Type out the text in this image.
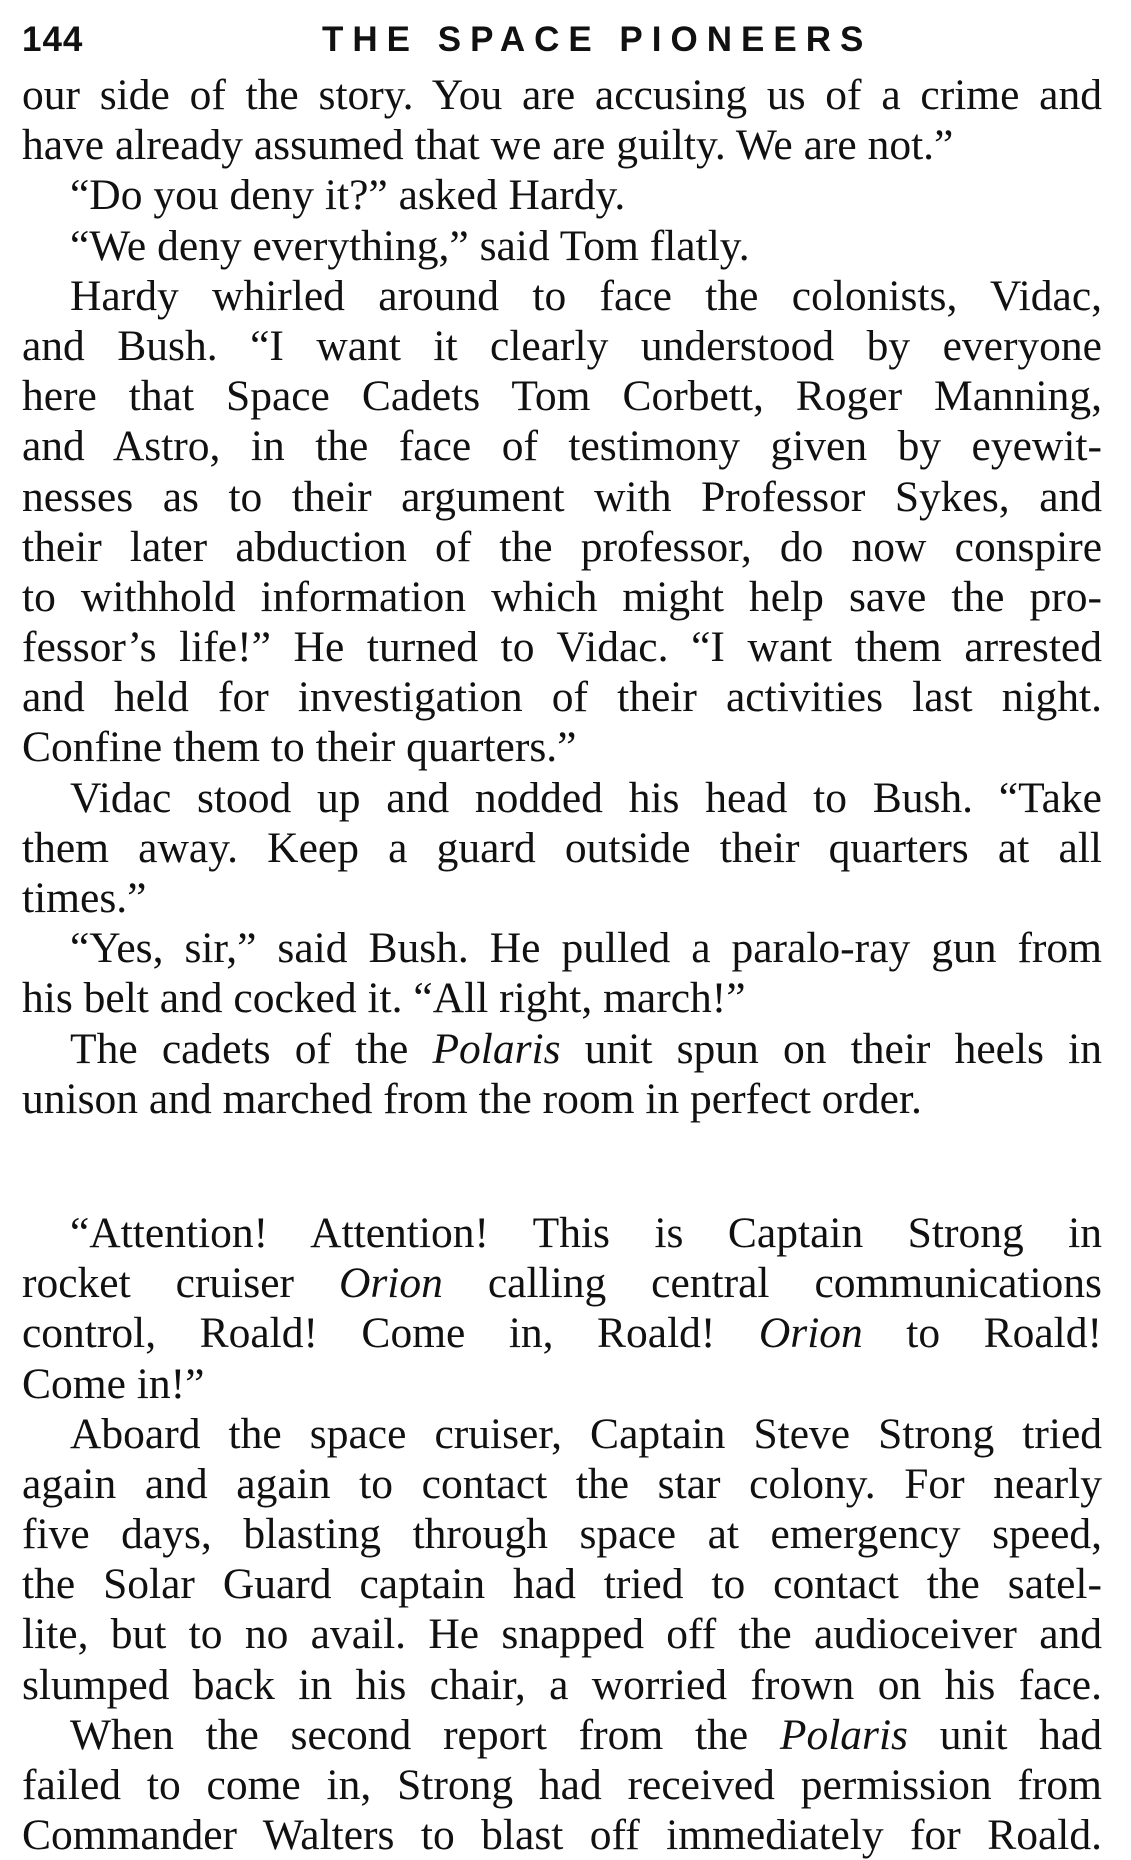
144	THE SPACE PIONEERS
our side of the story. You are accusing us of a crime and
have already assumed that we are guilty. We are not.”
“Do you deny it?” asked Hardy.
“We deny everything,” said Tom flatly.
Hardy whirled around to face the colonists, Vidac,
and Bush. “I want it clearly understood by everyone
here that Space Cadets Tom Corbett, Roger Manning,
and Astro, in the face of testimony given by eyewit-
nesses as to their argument with Professor Sykes, and
their later abduction of the professor, do now conspire
to withhold information which might help save the pro-
fessor’s life!” He turned to Vidac. “I want them arrested
and held for investigation of their activities last night.
Confine them to their quarters.”
Vidac stood up and nodded his head to Bush. “Take
them away. Keep a guard outside their quarters at all
times.”
“Yes, sir,” said Bush. He pulled a paralo-ray gun from
his belt and cocked it. “All right, march!”
The cadets of the Polaris unit spun on their heels in
unison and marched from the room in perfect order.
“Attention! Attention! This is Captain Strong in
rocket cruiser Orion calling central communications
control, Roald! Come in, Roald! Orion to Roald!
Come in!”
Aboard the space cruiser, Captain Steve Strong tried
again and again to contact the star colony. For nearly
five days, blasting through space at emergency speed,
the Solar Guard captain had tried to contact the satel-
lite, but to no avail. He snapped off the audioceiver and
slumped back in his chair, a worried frown on his face.
When the second report from the Polaris unit had
failed to come in, Strong had received permission from
Commander Walters to blast off immediately for Roald.
